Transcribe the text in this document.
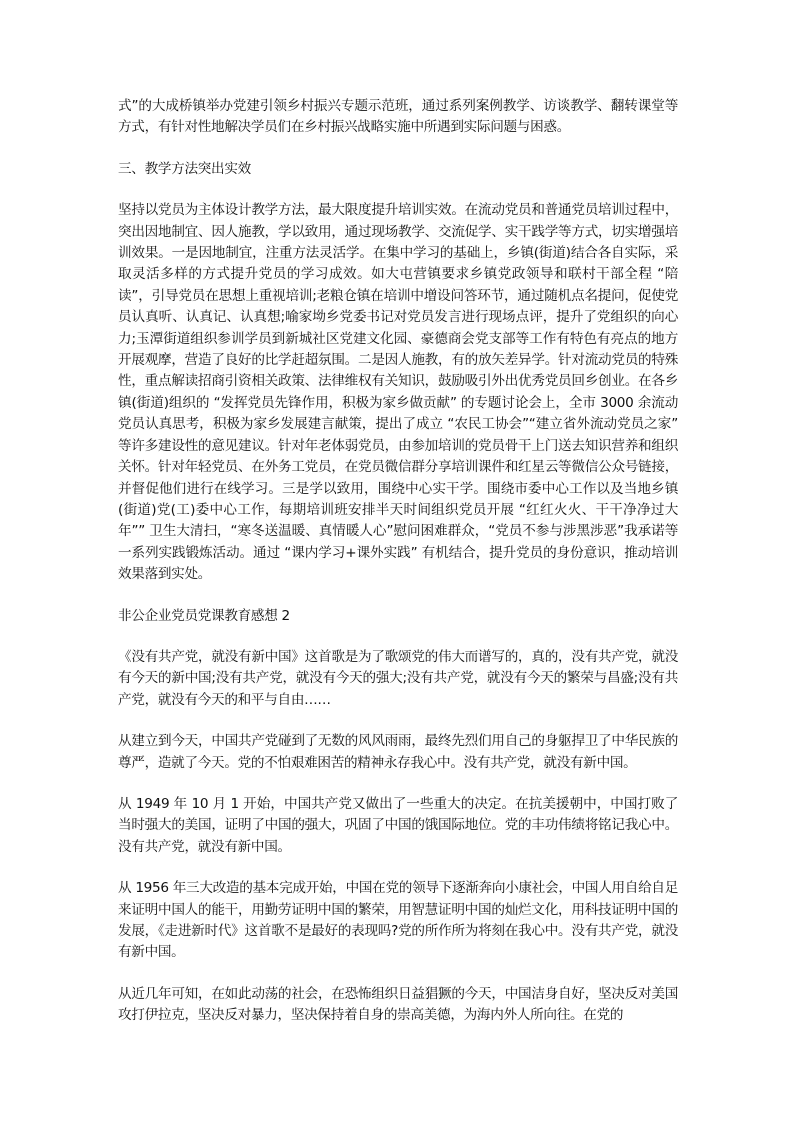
式”的大成桥镇举办党建引领乡村振兴专题示范班，通过系列案例教学、访谈教学、翻转课堂等方式，有针对性地解决学员们在乡村振兴战略实施中所遇到实际问题与困惑。

三、教学方法突出实效

坚持以党员为主体设计教学方法，最大限度提升培训实效。在流动党员和普通党员培训过程中，突出因地制宜、因人施教，学以致用，通过现场教学、交流促学、实干践学等方式，切实增强培训效果。一是因地制宜，注重方法灵活学。在集中学习的基础上，乡镇(街道)结合各自实际，采取灵活多样的方式提升党员的学习成效。如大屯营镇要求乡镇党政领导和联村干部全程 “陪读”，引导党员在思想上重视培训;老粮仓镇在培训中增设问答环节，通过随机点名提问，促使党员认真听、认真记、认真想;喻家坳乡党委书记对党员发言进行现场点评，提升了党组织的向心力;玉潭街道组织参训学员到新城社区党建文化园、豪德商会党支部等工作有特色有亮点的地方开展观摩，营造了良好的比学赶超氛围。二是因人施教，有的放矢差异学。针对流动党员的特殊性，重点解读招商引资相关政策、法律维权有关知识，鼓励吸引外出优秀党员回乡创业。在各乡镇(街道)组织的 “发挥党员先锋作用，积极为家乡做贡献” 的专题讨论会上，全市 3000 余流动党员认真思考，积极为家乡发展建言献策，提出了成立 “农民工协会”“建立省外流动党员之家” 等许多建设性的意见建议。针对年老体弱党员，由参加培训的党员骨干上门送去知识营养和组织关怀。针对年轻党员、在外务工党员，在党员微信群分享培训课件和红星云等微信公众号链接，并督促他们进行在线学习。三是学以致用，围绕中心实干学。围绕市委中心工作以及当地乡镇(街道)党(工)委中心工作，每期培训班安排半天时间组织党员开展 “红红火火、干干净净过大年”” 卫生大清扫，“寒冬送温暖、真情暖人心”慰问困难群众，“党员不参与涉黑涉恶”我承诺等一系列实践锻炼活动。通过 “课内学习+课外实践” 有机结合，提升党员的身份意识，推动培训效果落到实处。

非公企业党员党课教育感想 2

《没有共产党，就没有新中国》这首歌是为了歌颂党的伟大而谱写的，真的，没有共产党，就没有今天的新中国;没有共产党，就没有今天的强大;没有共产党，就没有今天的繁荣与昌盛;没有共产党，就没有今天的和平与自由……

从建立到今天，中国共产党碰到了无数的风风雨雨，最终先烈们用自己的身躯捍卫了中华民族的尊严，造就了今天。党的不怕艰难困苦的精神永存我心中。没有共产党，就没有新中国。

从 1949 年 10 月 1 开始，中国共产党又做出了一些重大的决定。在抗美援朝中，中国打败了当时强大的美国，证明了中国的强大，巩固了中国的饿国际地位。党的丰功伟绩将铭记我心中。没有共产党，就没有新中国。

从 1956 年三大改造的基本完成开始，中国在党的领导下逐渐奔向小康社会，中国人用自给自足来证明中国人的能干，用勤劳证明中国的繁荣，用智慧证明中国的灿烂文化，用科技证明中国的发展，《走进新时代》这首歌不是最好的表现吗?党的所作所为将刻在我心中。没有共产党，就没有新中国。

从近几年可知，在如此动荡的社会，在恐怖组织日益猖獗的今天，中国洁身自好，坚决反对美国攻打伊拉克，坚决反对暴力，坚决保持着自身的崇高美德，为海内外人所向往。在党的
